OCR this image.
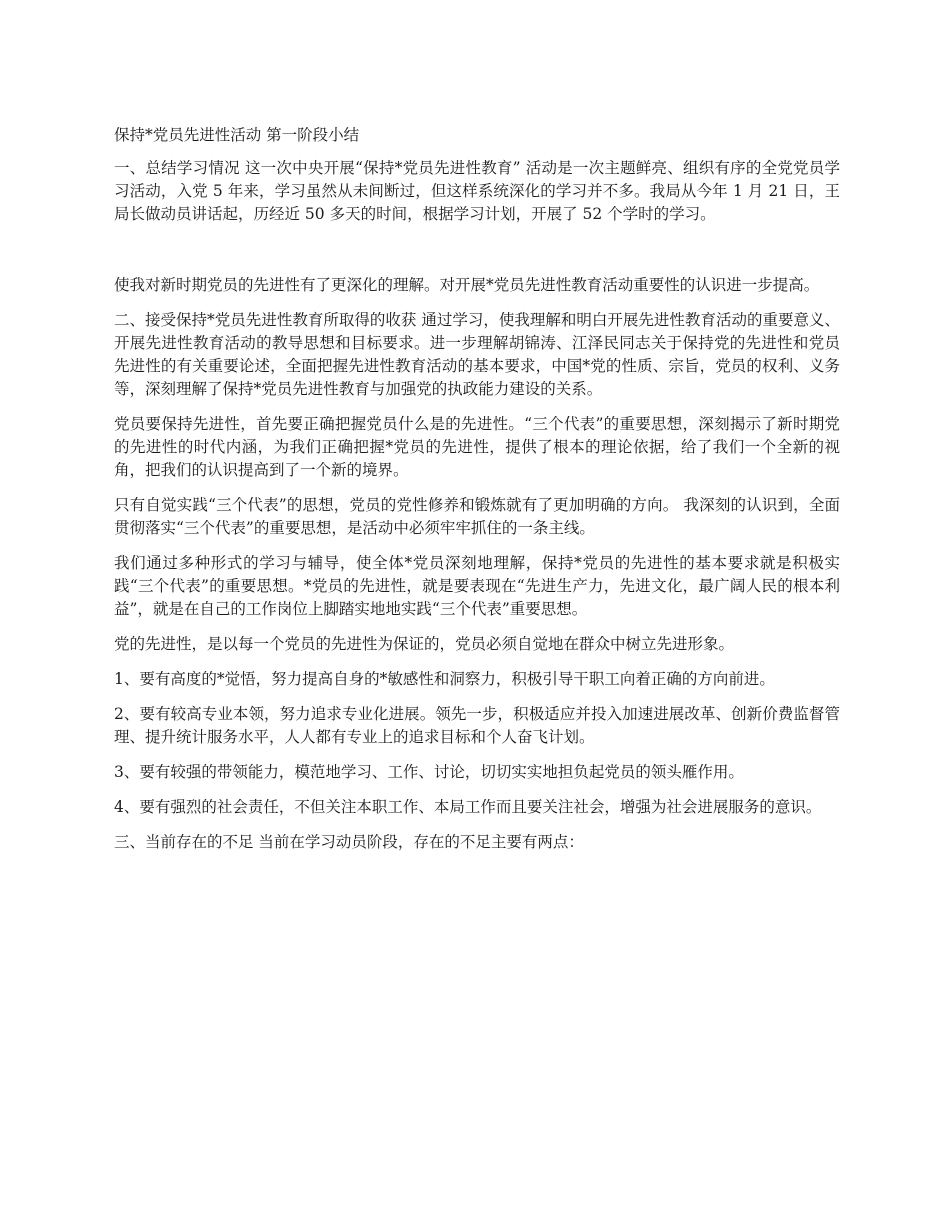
保持*党员先进性活动 第一阶段小结

一、总结学习情况 这一次中央开展“保持*党员先进性教育” 活动是一次主题鲜亮、组织有序的全党党员学习活动，入党 5 年来，学习虽然从未间断过，但这样系统深化的学习并不多。我局从今年 1 月 21 日，王局长做动员讲话起，历经近 50 多天的时间，根据学习计划，开展了 52 个学时的学习。

使我对新时期党员的先进性有了更深化的理解。对开展*党员先进性教育活动重要性的认识进一步提高。

二、接受保持*党员先进性教育所取得的收获 通过学习，使我理解和明白开展先进性教育活动的重要意义、开展先进性教育活动的教导思想和目标要求。进一步理解胡锦涛、江泽民同志关于保持党的先进性和党员先进性的有关重要论述，全面把握先进性教育活动的基本要求，中国*党的性质、宗旨，党员的权利、义务等，深刻理解了保持*党员先进性教育与加强党的执政能力建设的关系。

党员要保持先进性，首先要正确把握党员什么是的先进性。“三个代表”的重要思想，深刻揭示了新时期党的先进性的时代内涵，为我们正确把握*党员的先进性，提供了根本的理论依据，给了我们一个全新的视角，把我们的认识提高到了一个新的境界。

只有自觉实践“三个代表”的思想，党员的党性修养和锻炼就有了更加明确的方向。 我深刻的认识到，全面贯彻落实“三个代表”的重要思想，是活动中必须牢牢抓住的一条主线。

我们通过多种形式的学习与辅导，使全体*党员深刻地理解，保持*党员的先进性的基本要求就是积极实践“三个代表”的重要思想。*党员的先进性，就是要表现在“先进生产力，先进文化，最广阔人民的根本利益”，就是在自己的工作岗位上脚踏实地地实践“三个代表”重要思想。

党的先进性，是以每一个党员的先进性为保证的，党员必须自觉地在群众中树立先进形象。

1、要有高度的*觉悟，努力提高自身的*敏感性和洞察力，积极引导干职工向着正确的方向前进。

2、要有较高专业本领，努力追求专业化进展。领先一步，积极适应并投入加速进展改革、创新价费监督管理、提升统计服务水平，人人都有专业上的追求目标和个人奋飞计划。

3、要有较强的带领能力，模范地学习、工作、讨论，切切实实地担负起党员的领头雁作用。

4、要有强烈的社会责任，不但关注本职工作、本局工作而且要关注社会，增强为社会进展服务的意识。

三、当前存在的不足 当前在学习动员阶段，存在的不足主要有两点：
